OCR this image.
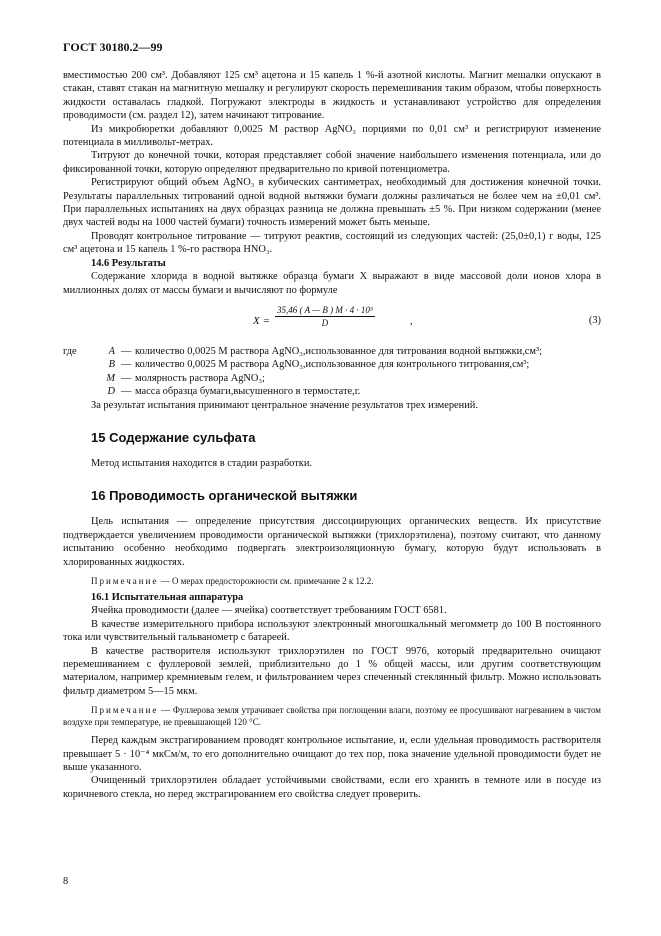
ГОСТ 30180.2—99

вместимостью 200 см³. Добавляют 125 см³ ацетона и 15 капель 1 %-й азотной кислоты. Магнит мешалки опускают в стакан, ставят стакан на магнитную мешалку и регулируют скорость перемешивания таким образом, чтобы поверхность жидкости оставалась гладкой. Погружают электроды в жидкость и устанавливают устройство для определения проводимости (см. раздел 12), затем начинают титрование.

Из микробюретки добавляют 0,0025 М раствор AgNO₃ порциями по 0,01 см³ и регистрируют изменение потенциала в милливольт-метрах.

Титруют до конечной точки, которая представляет собой значение наибольшего изменения потенциала, или до фиксированной точки, которую определяют предварительно по кривой потенциометра.

Регистрируют общий объем AgNO₃ в кубических сантиметрах, необходимый для достижения конечной точки. Результаты параллельных титрований одной водной вытяжки бумаги должны различаться не более чем на ±0,01 см³. При параллельных испытаниях на двух образцах разница не должна превышать ±5 %. При низком содержании (менее двух частей воды на 1000 частей бумаги) точность измерений может быть меньше.

Проводят контрольное титрование — титруют реактив, состоящий из следующих частей: (25,0±0,1) г воды, 125 см³ ацетона и 15 капель 1 %-го раствора HNO₃.

14.6 Результаты

Содержание хлорида в водной вытяжке образца бумаги X выражают в виде массовой доли ионов хлора в миллионных долях от массы бумаги и вычисляют по формуле

$X = \frac{\text{35,46 ( A — B ) M · 4 · 10³}}{D}$	,	(3)
где	A — количество 0,0025 М раствора AgNO₃,использованное для титрования водной вытяжки,см³;
B — количество 0,0025 М раствора AgNO₃,использованное для контрольного титрования,см³;
M — молярность раствора AgNO₃;
D — масса образца бумаги,высушенного в термостате,г.

За результат испытания принимают центральное значение результатов трех измерений.

15 Содержание сульфата

Метод испытания находится в стадии разработки.

16 Проводимость органической вытяжки

Цель испытания — определение присутствия диссоциирующих органических веществ. Их присутствие подтверждается увеличением проводимости органической вытяжки (трихлорэтилена), поэтому считают, что данному испытанию особенно необходимо подвергать электроизоляционную бумагу, которую будут использовать в хлорированных жидкостях.

Примечание — О мерах предосторожности см. примечание 2 к 12.2.

16.1 Испытательная аппаратура

Ячейка проводимости (далее — ячейка) соответствует требованиям ГОСТ 6581.

В качестве измерительного прибора используют электронный многошкальный мегомметр до 100 В постоянного тока или чувствительный гальванометр с батареей.

В качестве растворителя используют трихлорэтилен по ГОСТ 9976, который предварительно очищают перемешиванием с фуллеровой землей, приблизительно до 1 % общей массы, или другим соответствующим материалом, например кремниевым гелем, и фильтрованием через спеченный стеклянный фильтр. Можно использовать фильтр диаметром 5—15 мкм.

Примечание — Фуллерова земля утрачивает свойства при поглощении влаги, поэтому ее просушивают нагреванием в чистом воздухе при температуре, не превышающей 120 °С.

Перед каждым экстрагированием проводят контрольное испытание, и, если удельная проводимость растворителя превышает 5 · 10⁻⁴ мкСм/м, то его дополнительно очищают до тех пор, пока значение удельной проводимости будет не выше указанного.

Очищенный трихлорэтилен обладает устойчивыми свойствами, если его хранить в темноте или в посуде из коричневого стекла, но перед экстрагированием его свойства следует проверить.

8
